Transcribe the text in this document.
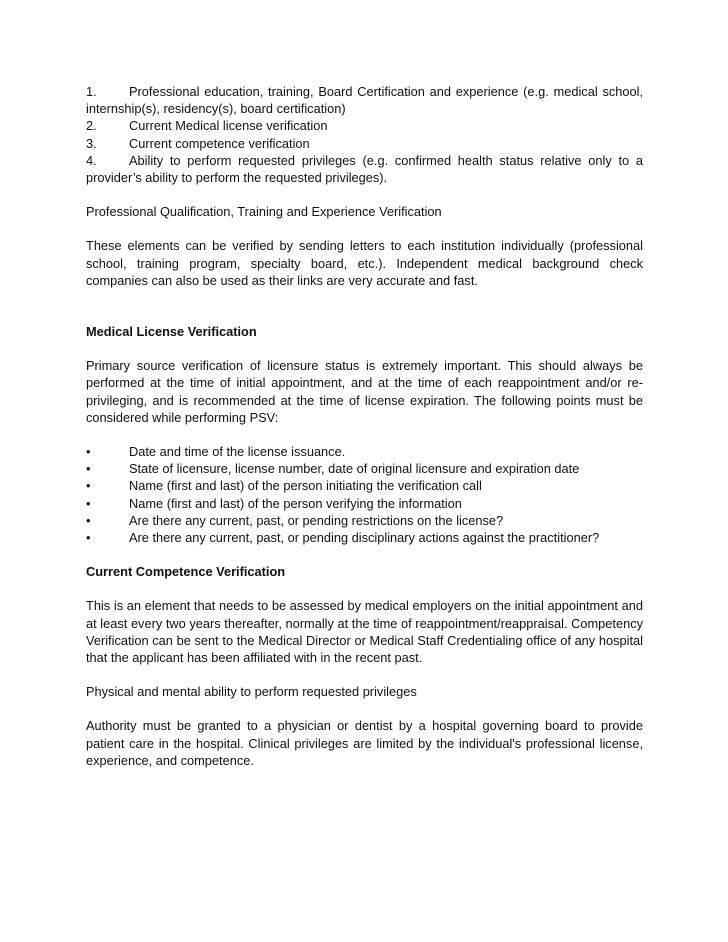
1.	Professional education, training, Board Certification and experience (e.g. medical school, internship(s), residency(s), board certification)

2.	Current Medical license verification

3.	Current competence verification

4.	Ability to perform requested privileges (e.g. confirmed health status relative only to a provider’s ability to perform the requested privileges).

Professional Qualification, Training and Experience Verification

These elements can be verified by sending letters to each institution individually (professional school, training program, specialty board, etc.). Independent medical background check companies can also be used as their links are very accurate and fast.

Medical License Verification

Primary source verification of licensure status is extremely important. This should always be performed at the time of initial appointment, and at the time of each reappointment and/or re-privileging, and is recommended at the time of license expiration. The following points must be considered while performing PSV:

•	Date and time of the license issuance.
•	State of licensure, license number, date of original licensure and expiration date
•	Name (first and last) of the person initiating the verification call
•	Name (first and last) of the person verifying the information
•	Are there any current, past, or pending restrictions on the license?
•	Are there any current, past, or pending disciplinary actions against the practitioner?

Current Competence Verification

This is an element that needs to be assessed by medical employers on the initial appointment and at least every two years thereafter, normally at the time of reappointment/reappraisal. Competency Verification can be sent to the Medical Director or Medical Staff Credentialing office of any hospital that the applicant has been affiliated with in the recent past.

Physical and mental ability to perform requested privileges

Authority must be granted to a physician or dentist by a hospital governing board to provide patient care in the hospital. Clinical privileges are limited by the individual's professional license, experience, and competence.
